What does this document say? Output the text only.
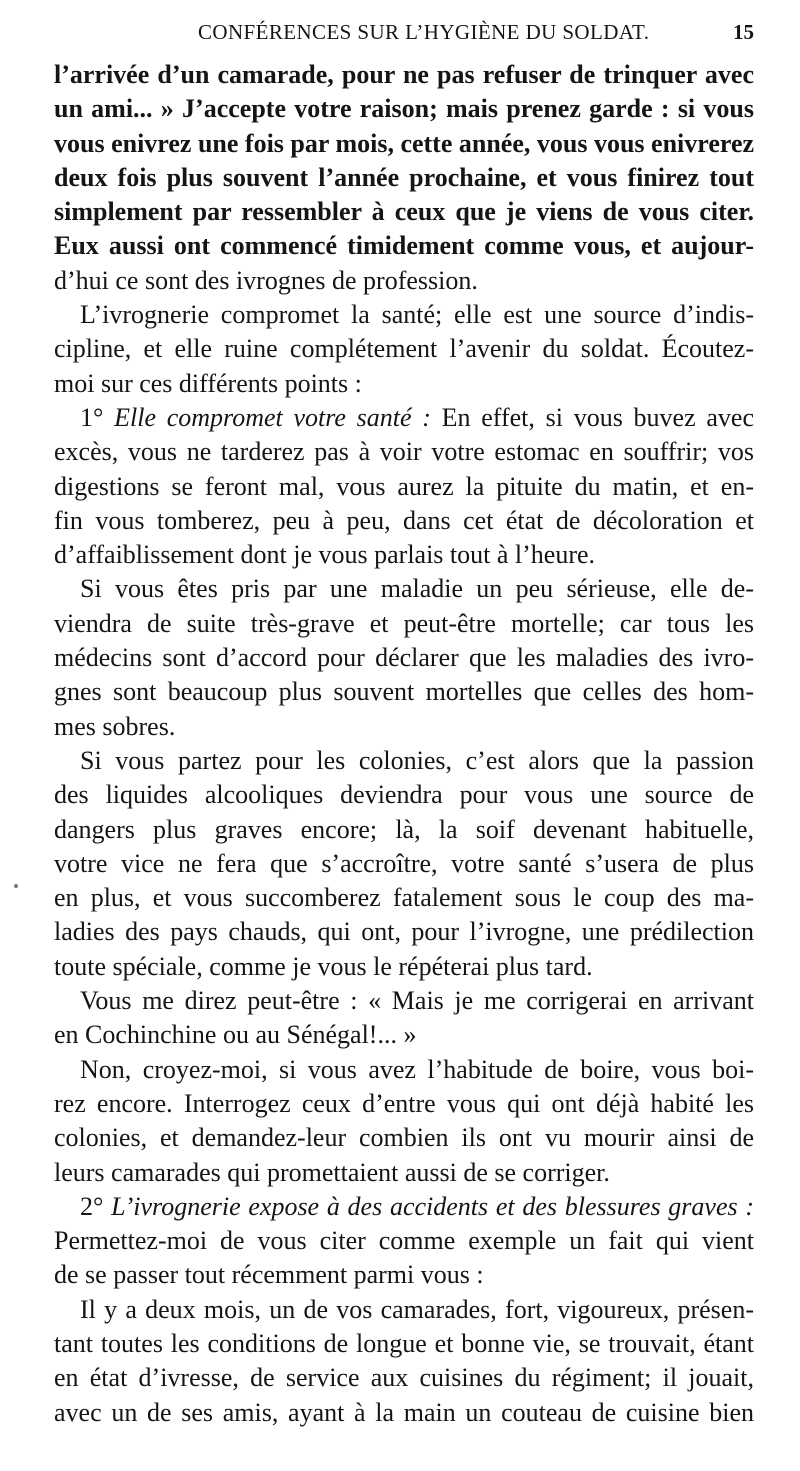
CONFÉRENCES SUR L’HYGIÈNE DU SOLDAT.	15
l’arrivée d’un camarade, pour ne pas refuser de trinquer avec
un ami... » J’accepte votre raison; mais prenez garde : si vous
vous enivrez une fois par mois, cette année, vous vous enivrerez
deux fois plus souvent l’année prochaine, et vous finirez tout
simplement par ressembler à ceux que je viens de vous citer.
Eux aussi ont commencé timidement comme vous, et aujour-
d’hui ce sont des ivrognes de profession.
L’ivrognerie compromet la santé; elle est une source d’indis-
cipline, et elle ruine complétement l’avenir du soldat. Écoutez-
moi sur ces différents points :
1° Elle compromet votre santé : En effet, si vous buvez avec
excès, vous ne tarderez pas à voir votre estomac en souffrir; vos
digestions se feront mal, vous aurez la pituite du matin, et en-
fin vous tomberez, peu à peu, dans cet état de décoloration et
d’affaiblissement dont je vous parlais tout à l’heure.
Si vous êtes pris par une maladie un peu sérieuse, elle de-
viendra de suite très-grave et peut-être mortelle; car tous les
médecins sont d’accord pour déclarer que les maladies des ivro-
gnes sont beaucoup plus souvent mortelles que celles des hom-
mes sobres.
Si vous partez pour les colonies, c’est alors que la passion
des liquides alcooliques deviendra pour vous une source de
dangers plus graves encore; là, la soif devenant habituelle,
votre vice ne fera que s’accroître, votre santé s’usera de plus
en plus, et vous succomberez fatalement sous le coup des ma-
ladies des pays chauds, qui ont, pour l’ivrogne, une prédilection
toute spéciale, comme je vous le répéterai plus tard.
Vous me direz peut-être : « Mais je me corrigerai en arrivant
en Cochinchine ou au Sénégal!... »
Non, croyez-moi, si vous avez l’habitude de boire, vous boi-
rez encore. Interrogez ceux d’entre vous qui ont déjà habité les
colonies, et demandez-leur combien ils ont vu mourir ainsi de
leurs camarades qui promettaient aussi de se corriger.
2° L’ivrognerie expose à des accidents et des blessures graves :
Permettez-moi de vous citer comme exemple un fait qui vient
de se passer tout récemment parmi vous :
Il y a deux mois, un de vos camarades, fort, vigoureux, présen-
tant toutes les conditions de longue et bonne vie, se trouvait, étant
en état d’ivresse, de service aux cuisines du régiment; il jouait,
avec un de ses amis, ayant à la main un couteau de cuisine bien
